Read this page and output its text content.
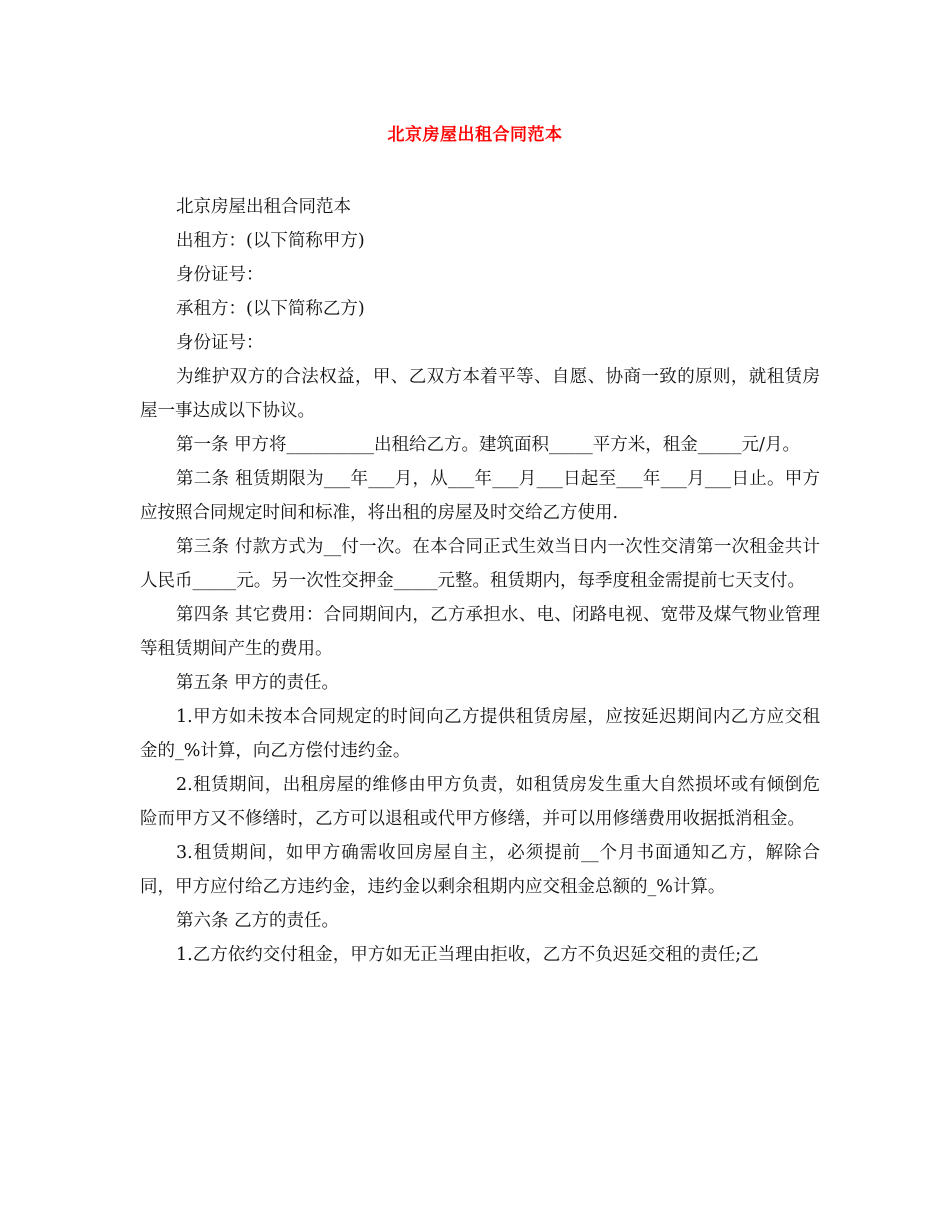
北京房屋出租合同范本

北京房屋出租合同范本

出租方：(以下简称甲方)

身份证号：

承租方：(以下简称乙方)

身份证号：

为维护双方的合法权益，甲、乙双方本着平等、自愿、协商一致的原则，就租赁房屋一事达成以下协议。

第一条 甲方将__________出租给乙方。建筑面积_____平方米，租金_____元/月。

第二条 租赁期限为___年___月，从___年___月___日起至___年___月___日止。甲方应按照合同规定时间和标准，将出租的房屋及时交给乙方使用.

第三条 付款方式为__付一次。在本合同正式生效当日内一次性交清第一次租金共计人民币_____元。另一次性交押金_____元整。租赁期内，每季度租金需提前七天支付。

第四条 其它费用：合同期间内，乙方承担水、电、闭路电视、宽带及煤气物业管理等租赁期间产生的费用。

第五条 甲方的责任。

1.甲方如未按本合同规定的时间向乙方提供租赁房屋，应按延迟期间内乙方应交租金的_%计算，向乙方偿付违约金。

2.租赁期间，出租房屋的维修由甲方负责，如租赁房发生重大自然损坏或有倾倒危险而甲方又不修缮时，乙方可以退租或代甲方修缮，并可以用修缮费用收据抵消租金。

3.租赁期间，如甲方确需收回房屋自主，必须提前__个月书面通知乙方，解除合同，甲方应付给乙方违约金，违约金以剩余租期内应交租金总额的_%计算。

第六条 乙方的责任。

1.乙方依约交付租金，甲方如无正当理由拒收，乙方不负迟延交租的责任;乙
